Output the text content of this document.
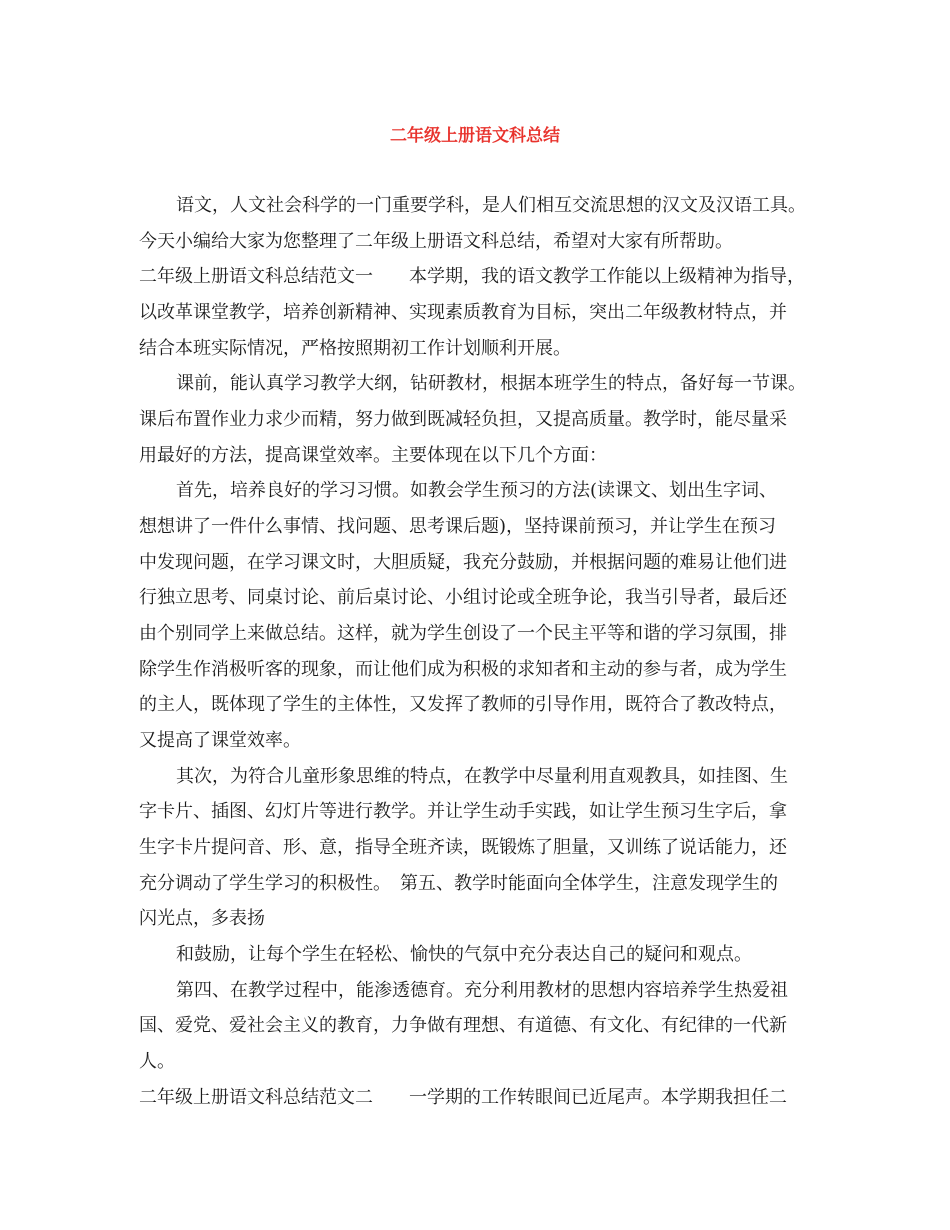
二年级上册语文科总结
语文，人文社会科学的一门重要学科，是人们相互交流思想的汉文及汉语工具。
今天小编给大家为您整理了二年级上册语文科总结，希望对大家有所帮助。
二年级上册语文科总结范文一　　本学期，我的语文教学工作能以上级精神为指导，
以改革课堂教学，培养创新精神、实现素质教育为目标，突出二年级教材特点，并
结合本班实际情况，严格按照期初工作计划顺利开展。
课前，能认真学习教学大纲，钻研教材，根据本班学生的特点，备好每一节课。
课后布置作业力求少而精，努力做到既减轻负担，又提高质量。教学时，能尽量采
用最好的方法，提高课堂效率。主要体现在以下几个方面：
首先，培养良好的学习习惯。如教会学生预习的方法(读课文、划出生字词、
想想讲了一件什么事情、找问题、思考课后题)，坚持课前预习，并让学生在预习
中发现问题，在学习课文时，大胆质疑，我充分鼓励，并根据问题的难易让他们进
行独立思考、同桌讨论、前后桌讨论、小组讨论或全班争论，我当引导者，最后还
由个别同学上来做总结。这样，就为学生创设了一个民主平等和谐的学习氛围，排
除学生作消极听客的现象，而让他们成为积极的求知者和主动的参与者，成为学生
的主人，既体现了学生的主体性，又发挥了教师的引导作用，既符合了教改特点，
又提高了课堂效率。
其次，为符合儿童形象思维的特点，在教学中尽量利用直观教具，如挂图、生
字卡片、插图、幻灯片等进行教学。并让学生动手实践，如让学生预习生字后，拿
生字卡片提问音、形、意，指导全班齐读，既锻炼了胆量，又训练了说话能力，还
充分调动了学生学习的积极性。　第五、教学时能面向全体学生，注意发现学生的
闪光点，多表扬
和鼓励，让每个学生在轻松、愉快的气氛中充分表达自己的疑问和观点。
第四、在教学过程中，能渗透德育。充分利用教材的思想内容培养学生热爱祖
国、爱党、爱社会主义的教育，力争做有理想、有道德、有文化、有纪律的一代新
人。
二年级上册语文科总结范文二　　一学期的工作转眼间已近尾声。本学期我担任二
